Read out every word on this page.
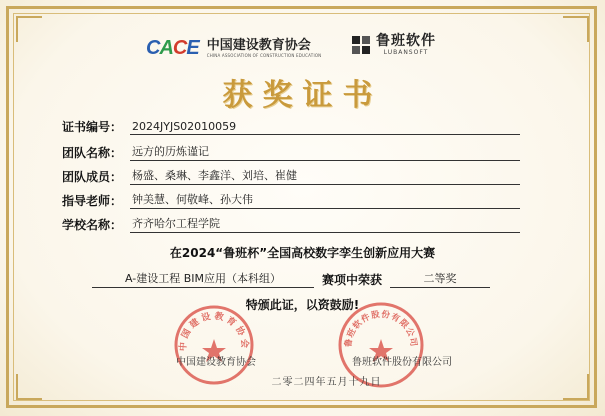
CACE 中国建设教育协会
CHINA ASSOCIATION OF CONSTRUCTION EDUCATION
鲁班软件
LUBANSOFT
获奖证书
证书编号： 2024JYJS02010059
团队名称： 远方的历炼谨记
团队成员： 杨盛、桑琳、李鑫洋、刘培、崔健
指导老师： 钟美慧、何敬峰、孙大伟
学校名称： 齐齐哈尔工程学院
在2024“鲁班杯”全国高校数字孪生创新应用大赛
A-建设工程 BIM应用（本科组）	赛项中荣获	二等奖
特颁此证，以资鼓励!
中国建设教育协会	鲁班软件股份有限公司
中国建设教育协会	鲁班软件股份有限公司
二零二四年五月十九日
